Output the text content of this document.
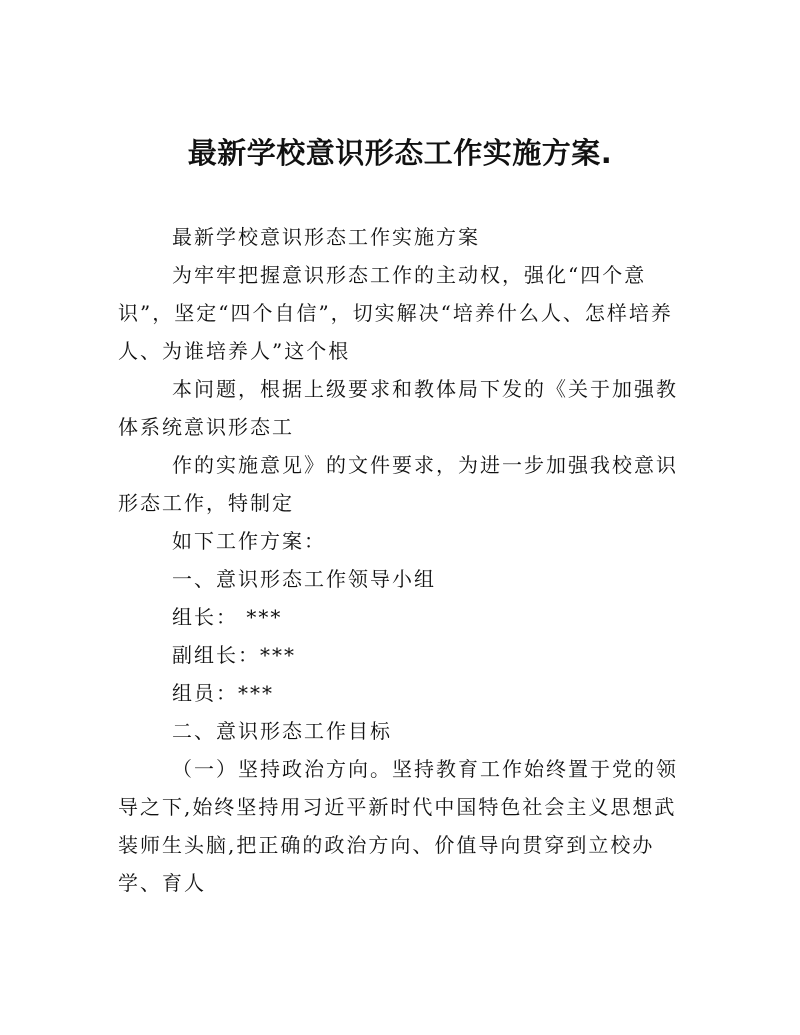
最新学校意识形态工作实施方案.

最新学校意识形态工作实施方案

为牢牢把握意识形态工作的主动权，强化“四个意识”，坚定“四个自信”，切实解决“培养什么人、怎样培养人、为谁培养人”这个根

本问题，根据上级要求和教体局下发的《关于加强教体系统意识形态工

作的实施意见》的文件要求，为进一步加强我校意识形态工作，特制定

如下工作方案：

一、意识形态工作领导小组

组长： ***

副组长：***

组员：***

二、意识形态工作目标

（一）坚持政治方向。坚持教育工作始终置于党的领导之下,始终坚持用习近平新时代中国特色社会主义思想武装师生头脑,把正确的政治方向、价值导向贯穿到立校办学、育人
